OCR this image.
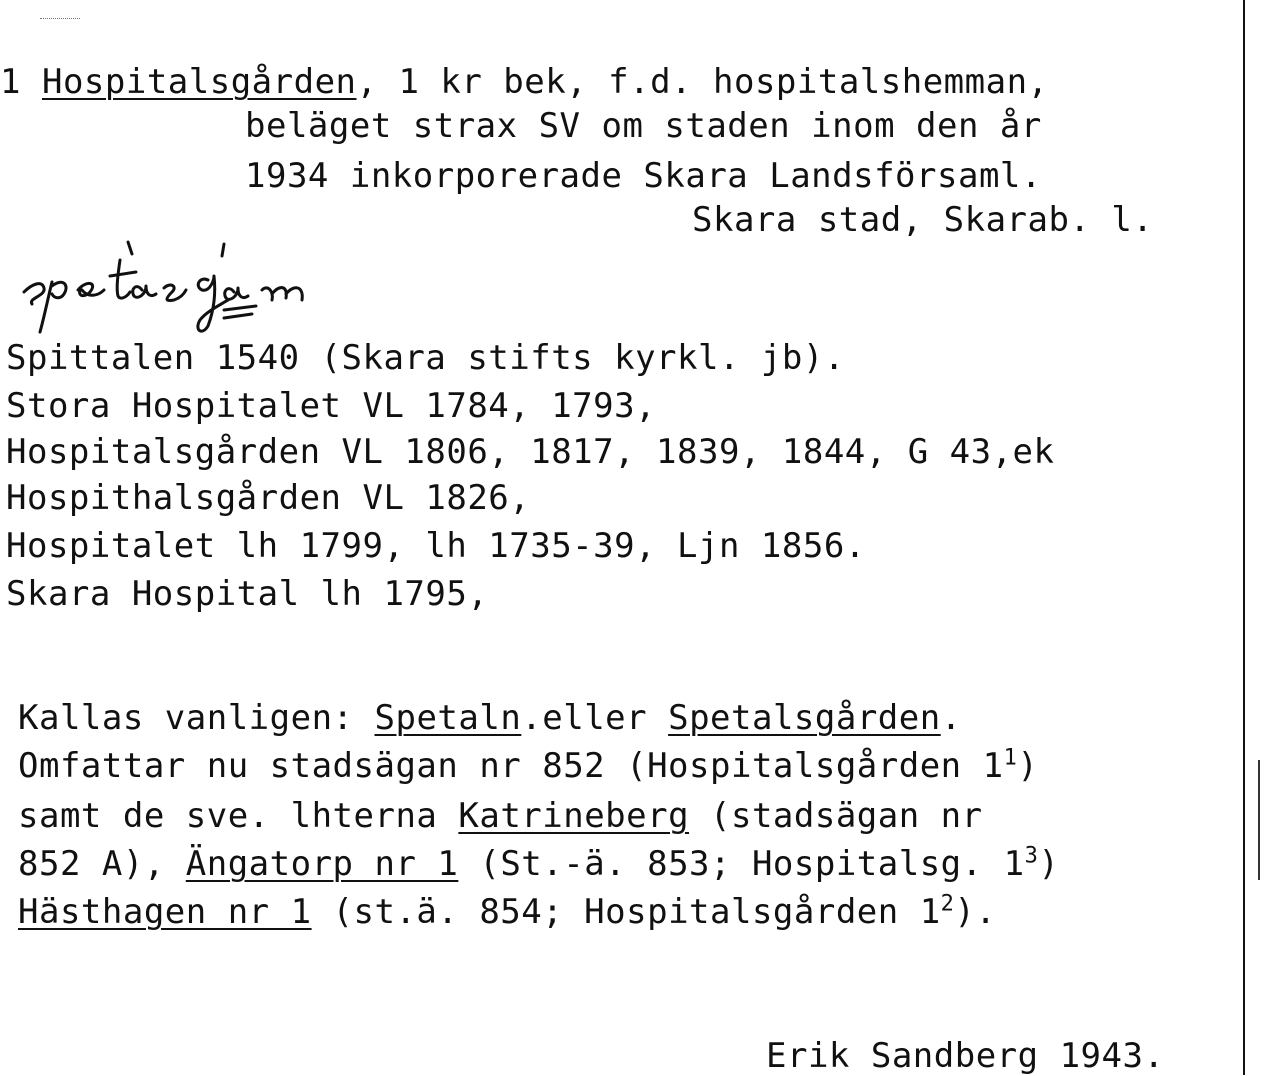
1 Hospitalsgården, 1 kr bek, f.d. hospitalshemman,
beläget strax SV om staden inom den år
1934 inkorporerade Skara Landsförsaml.
Skara stad, Skarab. l.
Spittalen 1540 (Skara stifts kyrkl. jb).
Stora Hospitalet VL 1784, 1793,
Hospitalsgården VL 1806, 1817, 1839, 1844, G 43,ek
Hospithalsgården VL 1826,
Hospitalet lh 1799, lh 1735-39, Ljn 1856.
Skara Hospital lh 1795,
Kallas vanligen: Spetaln.eller Spetalsgården.
Omfattar nu stadsägan nr 852 (Hospitalsgården $1^1$)
samt de sve. lhterna Katrineberg (stadsägan nr
852 A), Ängatorp nr 1 (St.-ä. 853; Hospitalsg. $1^3$)
Hästhagen nr 1 (st.ä. 854; Hospitalsgården $1^2$).
Erik Sandberg 1943.
